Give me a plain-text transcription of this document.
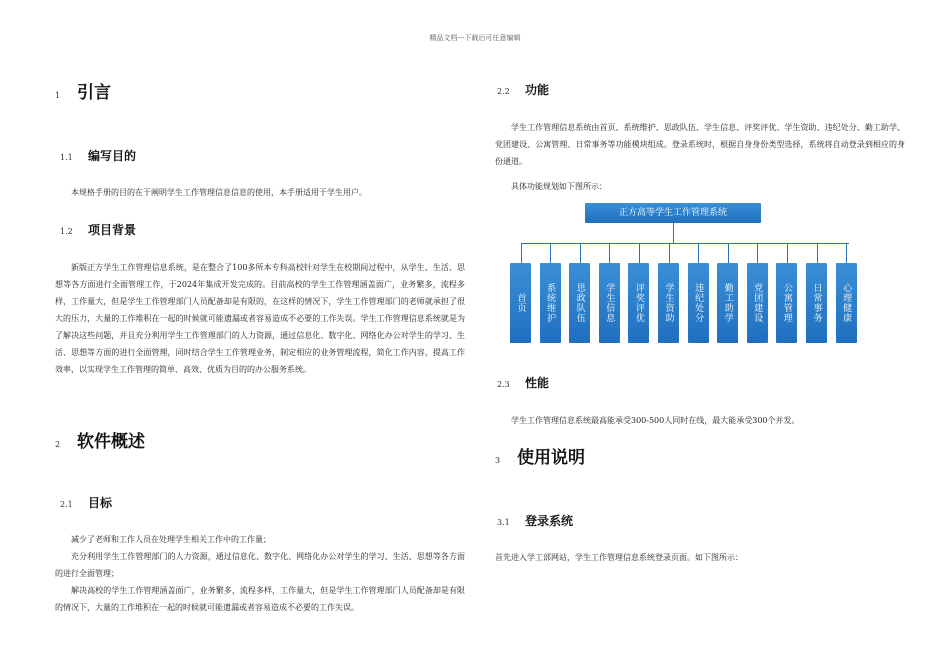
精品文档---下载后可任意编辑
1 引言
1.1	编写目的
本规格手册的目的在于阐明学生工作管理信息信息的使用，本手册适用于学生用户。
1.2	项目背景
新版正方学生工作管理信息系统，是在整合了100多所本专科高校针对学生在校期间过程中，从学生、生活、思想等各方面进行全面管理工作，于2024年集成开发完成的。目前高校的学生工作管理涵盖面广，业务繁多，流程多样，工作量大，但是学生工作管理部门人员配备却是有限的，在这样的情况下，学生工作管理部门的老师就承担了很大的压力，大量的工作堆积在一起的时候就可能遗漏或者容易造成不必要的工作失误。学生工作管理信息系统就是为了解决这些问题，并且充分利用学生工作管理部门的人力资源，通过信息化、数字化、网络化办公对学生的学习、生活、思想等方面的进行全面管理，同时结合学生工作管理业务，制定相应的业务管理流程，简化工作内容，提高工作效率，以实现学生工作管理的简单、高效、优质为目的的办公服务系统。
2 软件概述
2.1	目标

减少了老师和工作人员在处理学生相关工作中的工作量；

充分利用学生工作管理部门的人力资源，通过信息化、数字化、网络化办公对学生的学习、生活、思想等各方面的进行全面管理；

解决高校的学生工作管理涵盖面广，业务繁多，流程多样，工作量大，但是学生工作管理部门人员配备却是有限的情况下，大量的工作堆积在一起的时候就可能遗漏或者容易造成不必要的工作失误。

2.2	功能
学生工作管理信息系统由首页、系统维护、思政队伍、学生信息、评奖评优、学生资助、违纪处分、勤工助学、党团建设、公寓管理、日常事务等功能模块组成。登录系统时，根据自身身份类型选择，系统将自动登录到相应的身份通道。
具体功能规划如下图所示：
正方高等学生工作管理系统
首页	系统维护	思政队伍	学生信息	评奖评优	学生资助	违纪处分	勤工助学	党团建设	公寓管理	日常事务	心理健康
2.3	性能
学生工作管理信息系统最高能承受300-500人同时在线，最大能承受300个并发。
3 使用说明
3.1	登录系统
首先进入学工部网站，学生工作管理信息系统登录页面。如下图所示：
